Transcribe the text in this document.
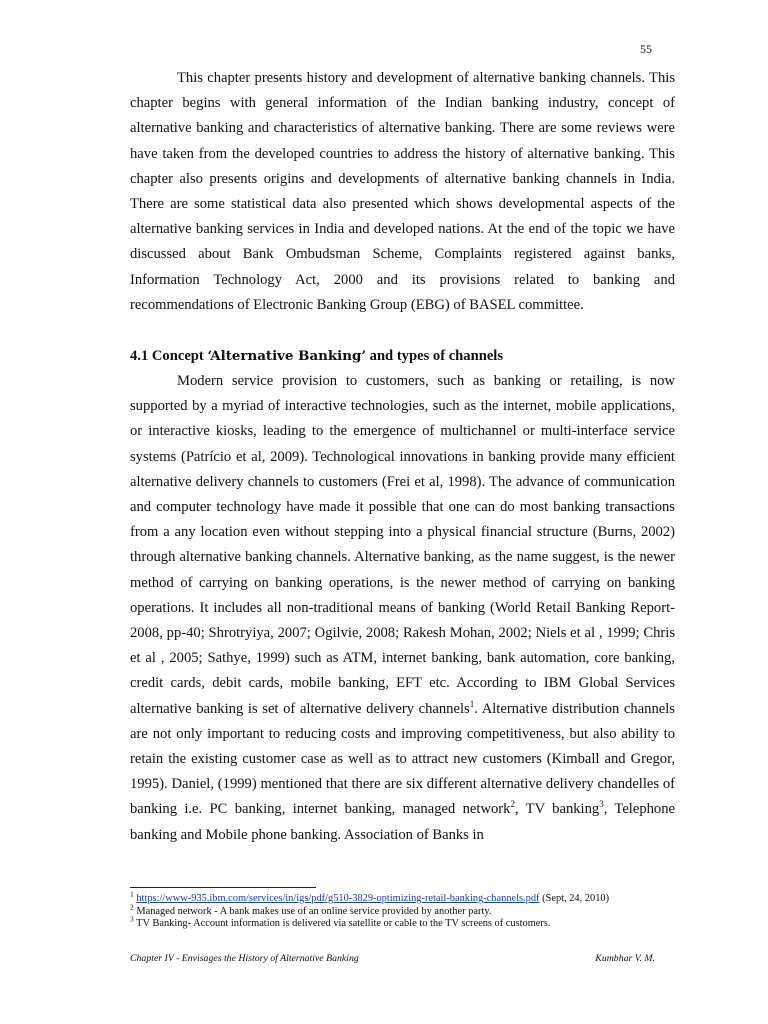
55

This chapter presents history and development of alternative banking channels. This chapter begins with general information of the Indian banking industry, concept of alternative banking and characteristics of alternative banking. There are some reviews were have taken from the developed countries to address the history of alternative banking. This chapter also presents origins and developments of alternative banking channels in India. There are some statistical data also presented which shows developmental aspects of the alternative banking services in India and developed nations. At the end of the topic we have discussed about Bank Ombudsman Scheme, Complaints registered against banks, Information Technology Act, 2000 and its provisions related to banking and recommendations of Electronic Banking Group (EBG) of BASEL committee.

4.1 Concept ‘Alternative Banking’ and types of channels

Modern service provision to customers, such as banking or retailing, is now supported by a myriad of interactive technologies, such as the internet, mobile applications, or interactive kiosks, leading to the emergence of multichannel or multi-interface service systems (Patrício et al, 2009). Technological innovations in banking provide many efficient alternative delivery channels to customers (Frei et al, 1998). The advance of communication and computer technology have made it possible that one can do most banking transactions from a any location even without stepping into a physical financial structure (Burns, 2002) through alternative banking channels. Alternative banking, as the name suggest, is the newer method of carrying on banking operations, is the newer method of carrying on banking operations. It includes all non-traditional means of banking (World Retail Banking Report-2008, pp-40; Shrotryiya, 2007; Ogilvie, 2008; Rakesh Mohan, 2002; Niels et al , 1999; Chris et al , 2005; Sathye, 1999) such as ATM, internet banking, bank automation, core banking, credit cards, debit cards, mobile banking, EFT etc. According to IBM Global Services alternative banking is set of alternative delivery channels$^1$. Alternative distribution channels are not only important to reducing costs and improving competitiveness, but also ability to retain the existing customer case as well as to attract new customers (Kimball and Gregor, 1995). Daniel, (1999) mentioned that there are six different alternative delivery chandelles of banking i.e. PC banking, internet banking, managed network$^2$, TV banking$^3$, Telephone banking and Mobile phone banking. Association of Banks in

$^1$ https://www-935.ibm.com/services/in/igs/pdf/g510-3829-optimizing-retail-banking-channels.pdf (Sept, 24, 2010)
$^2$ Managed network - A bank makes use of an online service provided by another party.
$^3$ TV Banking- Account information is delivered via satellite or cable to the TV screens of customers.
Chapter IV - Envisages the History of Alternative Banking	Kumbhar V. M.
